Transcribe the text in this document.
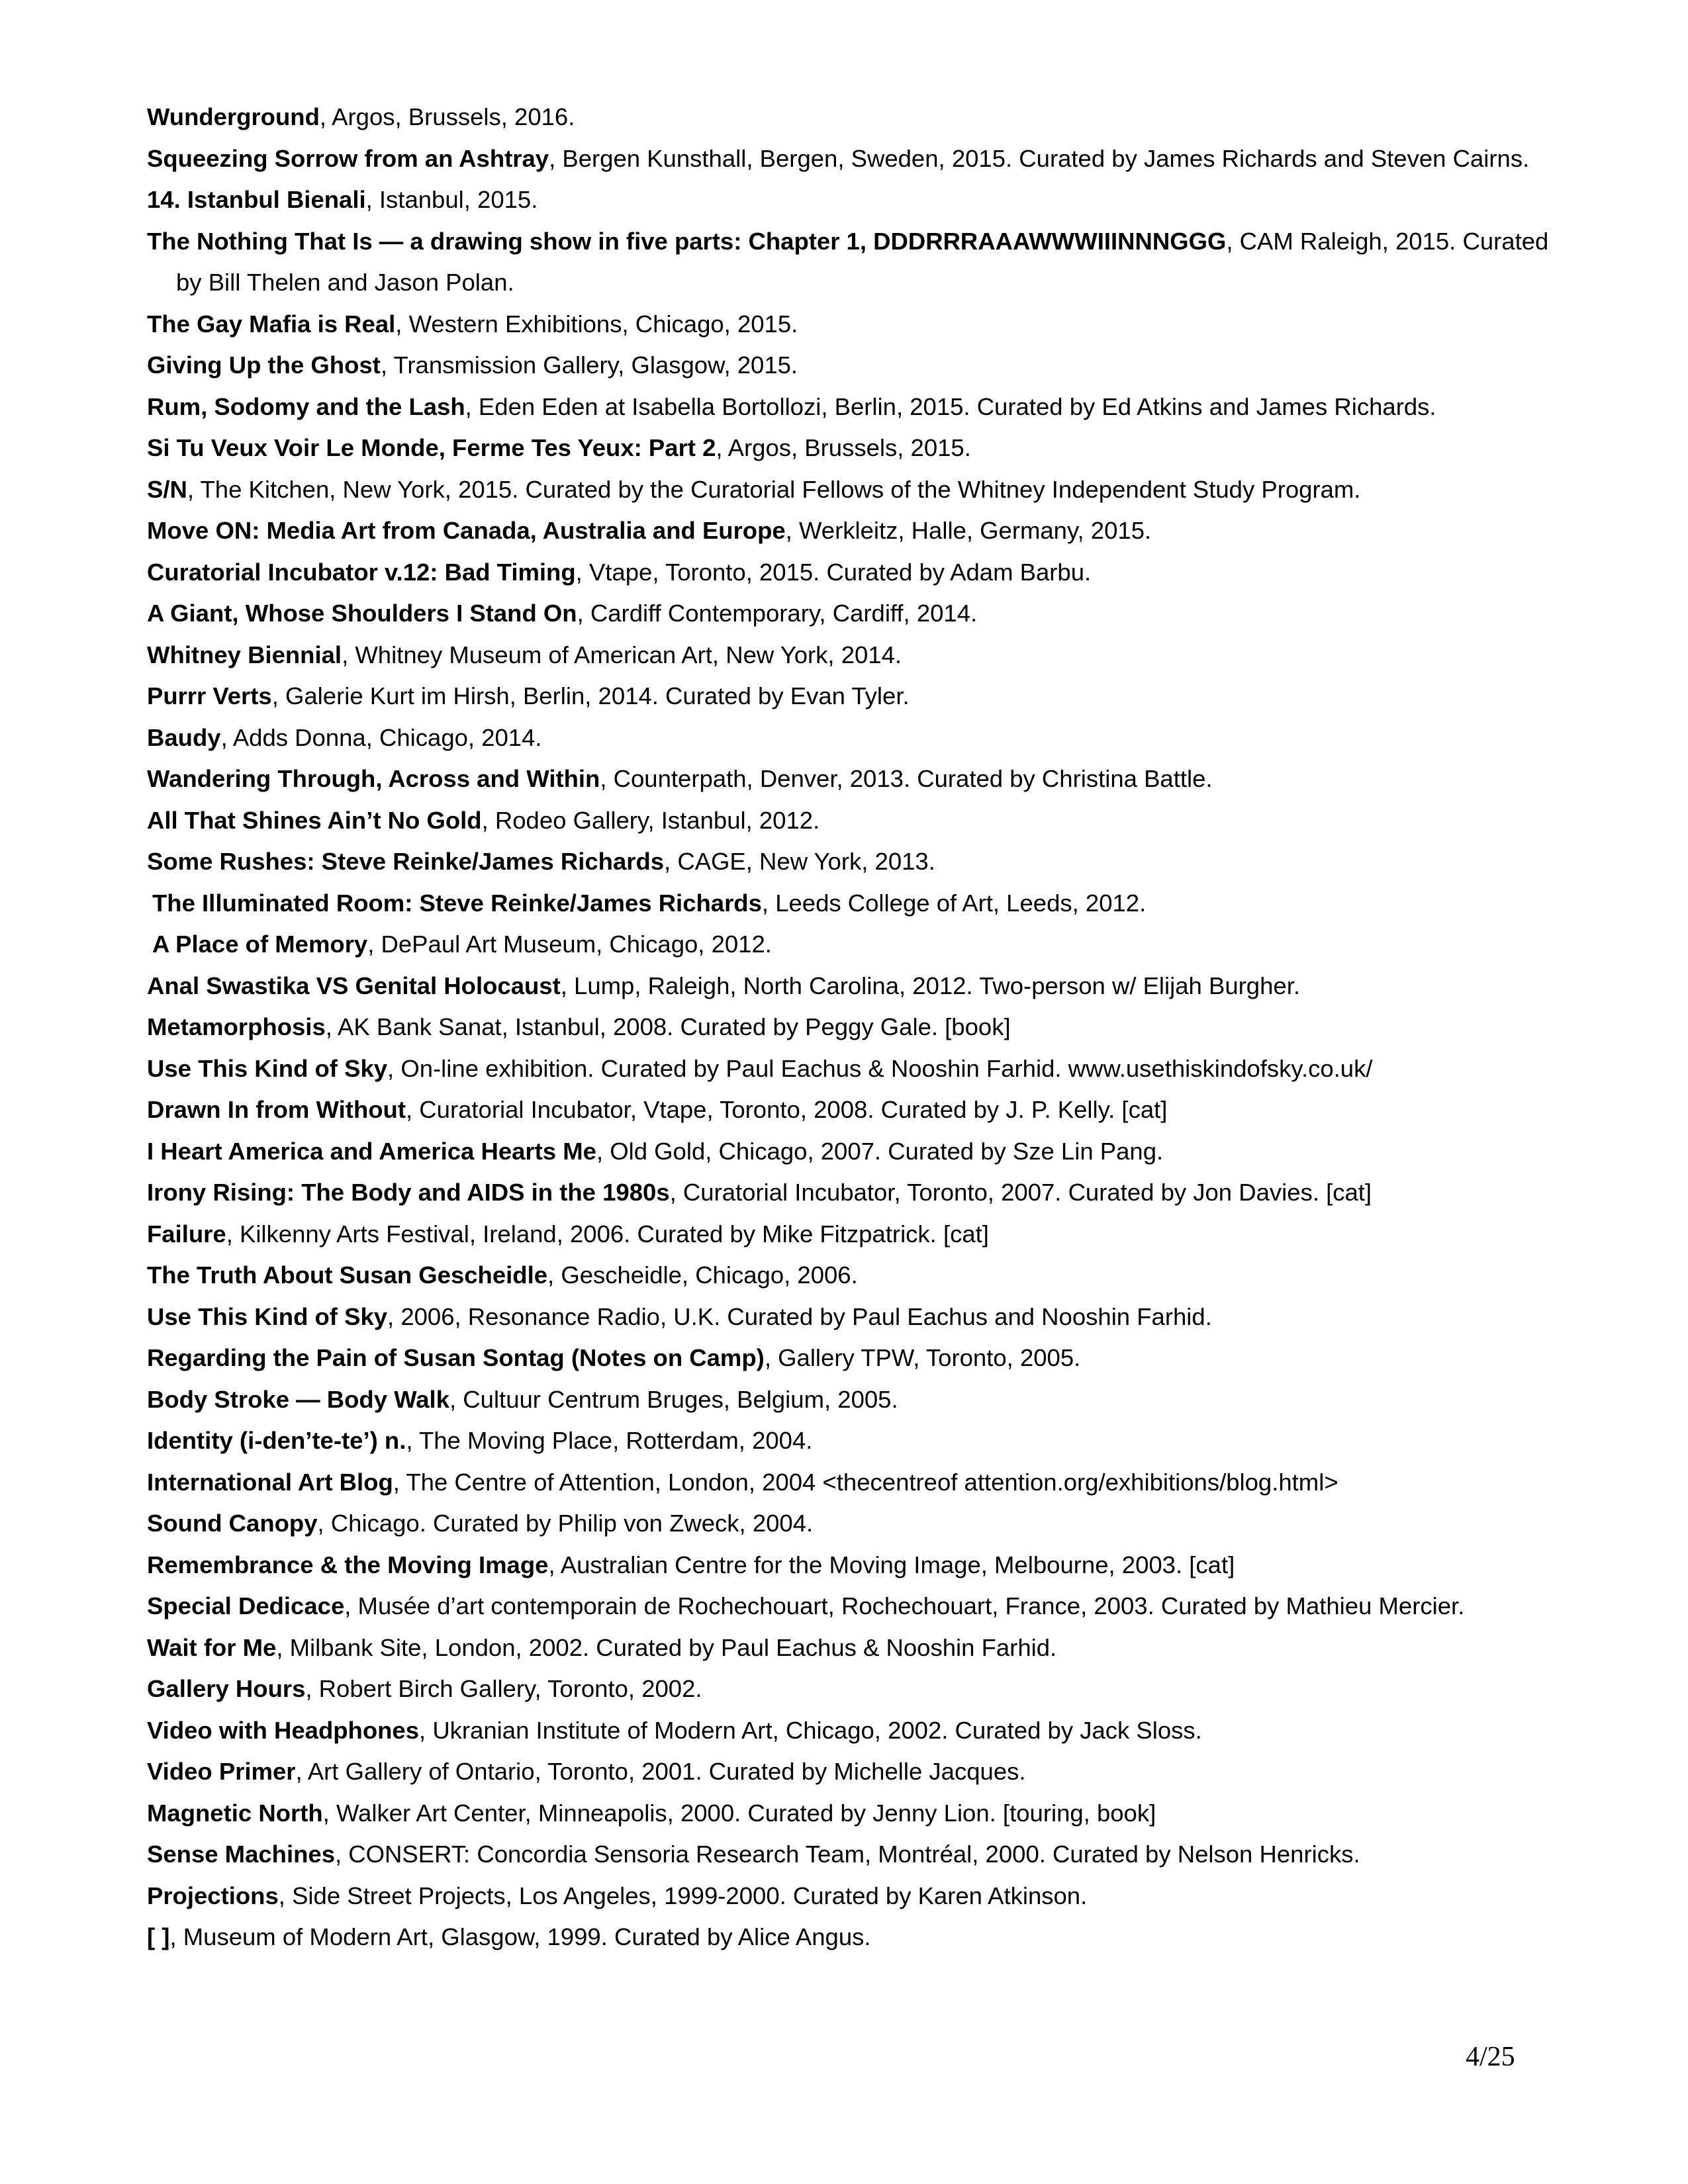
Wunderground, Argos, Brussels, 2016.
Squeezing Sorrow from an Ashtray, Bergen Kunsthall, Bergen, Sweden, 2015. Curated by James Richards and Steven Cairns.
14. Istanbul Bienali, Istanbul, 2015.
The Nothing That Is — a drawing show in five parts: Chapter 1, DDDRRRAAAWWWIIINNNGGG, CAM Raleigh, 2015. Curated by Bill Thelen and Jason Polan.
The Gay Mafia is Real, Western Exhibitions, Chicago, 2015.
Giving Up the Ghost, Transmission Gallery, Glasgow, 2015.
Rum, Sodomy and the Lash, Eden Eden at Isabella Bortollozi, Berlin, 2015. Curated by Ed Atkins and James Richards.
Si Tu Veux Voir Le Monde, Ferme Tes Yeux: Part 2, Argos, Brussels, 2015.
S/N, The Kitchen, New York, 2015. Curated by the Curatorial Fellows of the Whitney Independent Study Program.
Move ON: Media Art from Canada, Australia and Europe, Werkleitz, Halle, Germany, 2015.
Curatorial Incubator v.12: Bad Timing, Vtape, Toronto, 2015. Curated by Adam Barbu.
A Giant, Whose Shoulders I Stand On, Cardiff Contemporary, Cardiff, 2014.
Whitney Biennial, Whitney Museum of American Art, New York, 2014.
Purrr Verts, Galerie Kurt im Hirsh, Berlin, 2014. Curated by Evan Tyler.
Baudy, Adds Donna, Chicago, 2014.
Wandering Through, Across and Within, Counterpath, Denver, 2013. Curated by Christina Battle.
All That Shines Ain’t No Gold, Rodeo Gallery, Istanbul, 2012.
Some Rushes: Steve Reinke/James Richards, CAGE, New York, 2013.
The Illuminated Room: Steve Reinke/James Richards, Leeds College of Art, Leeds, 2012.
A Place of Memory, DePaul Art Museum, Chicago, 2012.
Anal Swastika VS Genital Holocaust, Lump, Raleigh, North Carolina, 2012. Two-person w/ Elijah Burgher.
Metamorphosis, AK Bank Sanat, Istanbul, 2008. Curated by Peggy Gale. [book]
Use This Kind of Sky, On-line exhibition. Curated by Paul Eachus & Nooshin Farhid. www.usethiskindofsky.co.uk/
Drawn In from Without, Curatorial Incubator, Vtape, Toronto, 2008. Curated by J. P. Kelly. [cat]
I Heart America and America Hearts Me, Old Gold, Chicago, 2007. Curated by Sze Lin Pang.
Irony Rising: The Body and AIDS in the 1980s, Curatorial Incubator, Toronto, 2007. Curated by Jon Davies. [cat]
Failure, Kilkenny Arts Festival, Ireland, 2006. Curated by Mike Fitzpatrick. [cat]
The Truth About Susan Gescheidle, Gescheidle, Chicago, 2006.
Use This Kind of Sky, 2006, Resonance Radio, U.K. Curated by Paul Eachus and Nooshin Farhid.
Regarding the Pain of Susan Sontag (Notes on Camp), Gallery TPW, Toronto, 2005.
Body Stroke — Body Walk, Cultuur Centrum Bruges, Belgium, 2005.
Identity (i-den’te-te’) n., The Moving Place, Rotterdam, 2004.
International Art Blog, The Centre of Attention, London, 2004 <thecentreof attention.org/exhibitions/blog.html>
Sound Canopy, Chicago. Curated by Philip von Zweck, 2004.
Remembrance & the Moving Image, Australian Centre for the Moving Image, Melbourne, 2003. [cat]
Special Dedicace, Musée d’art contemporain de Rochechouart, Rochechouart, France, 2003. Curated by Mathieu Mercier.
Wait for Me, Milbank Site, London, 2002. Curated by Paul Eachus & Nooshin Farhid.
Gallery Hours, Robert Birch Gallery, Toronto, 2002.
Video with Headphones, Ukranian Institute of Modern Art, Chicago, 2002. Curated by Jack Sloss.
Video Primer, Art Gallery of Ontario, Toronto, 2001. Curated by Michelle Jacques.
Magnetic North, Walker Art Center, Minneapolis, 2000. Curated by Jenny Lion. [touring, book]
Sense Machines, CONSERT: Concordia Sensoria Research Team, Montréal, 2000. Curated by Nelson Henricks.
Projections, Side Street Projects, Los Angeles, 1999-2000. Curated by Karen Atkinson.
[ ], Museum of Modern Art, Glasgow, 1999. Curated by Alice Angus.
4/25
